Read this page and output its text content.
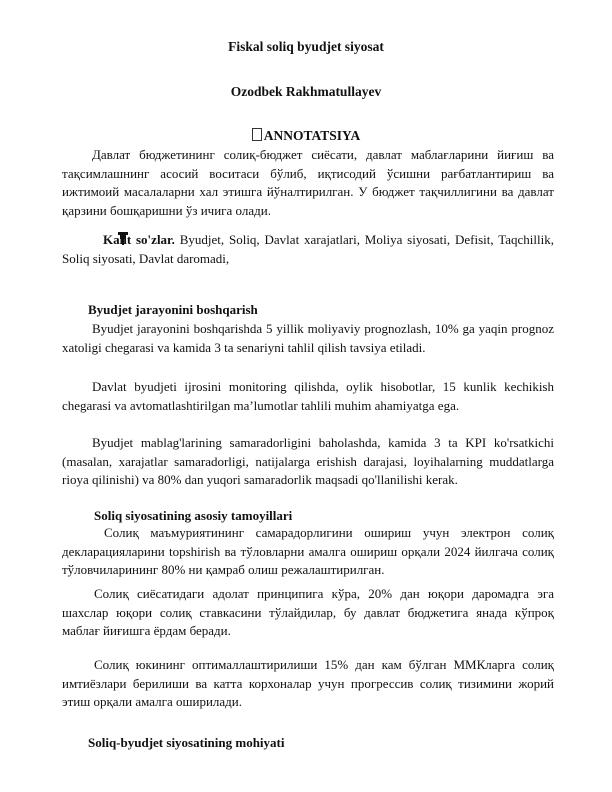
Fiskal soliq byudjet siyosat
Ozodbek Rakhmatullayev
ANNOTATSIYA

Давлат бюджетининг солиқ-бюджет сиёсати, давлат маблағларини йиғиш ва тақсимлашнинг асосий воситаси бўлиб, иқтисодий ўсишни рағбатлантириш ва ижтимоий масалаларни хал этишга йўналтирилган. У бюджет тақчиллигини ва давлат қарзини бошқаришни ўз ичига олади.

Kalit so'zlar. Byudjet, Soliq, Davlat xarajatlari, Moliya siyosati, Defisit, Taqchillik, Soliq siyosati, Davlat daromadi,

Byudjet jarayonini boshqarish

Byudjet jarayonini boshqarishda 5 yillik moliyaviy prognozlash, 10% ga yaqin prognoz xatoligi chegarasi va kamida 3 ta senariyni tahlil qilish tavsiya etiladi.

Davlat byudjeti ijrosini monitoring qilishda, oylik hisobotlar, 15 kunlik kechikish chegarasi va avtomatlashtirilgan ma’lumotlar tahlili muhim ahamiyatga ega.

Byudjet mablag'larining samaradorligini baholashda, kamida 3 ta KPI ko'rsatkichi (masalan, xarajatlar samaradorligi, natijalarga erishish darajasi, loyihalarning muddatlarga rioya qilinishi) va 80% dan yuqori samaradorlik maqsadi qo'llanilishi kerak.

Soliq siyosatining asosiy tamoyillari

Солиқ маъмуриятининг самарадорлигини ошириш учун электрон солиқ декларацияларини topshirish ва тўловларни амалга ошириш орқали 2024 йилгача солиқ тўловчиларининг 80% ни қамраб олиш режалаштирилган.

Солиқ сиёсатидаги адолат принципига кўра, 20% дан юқори даромадга эга шахслар юқори солиқ ставкасини тўлайдилар, бу давлат бюджетига янада кўпроқ маблағ йиғишга ёрдам беради.

Солиқ юкининг оптималлаштирилиши 15% дан кам бўлган ММКларга солиқ имтиёзлари берилиши ва катта корхоналар учун прогрессив солиқ тизимини жорий этиш орқали амалга оширилади.

Soliq-byudjet siyosatining mohiyati
